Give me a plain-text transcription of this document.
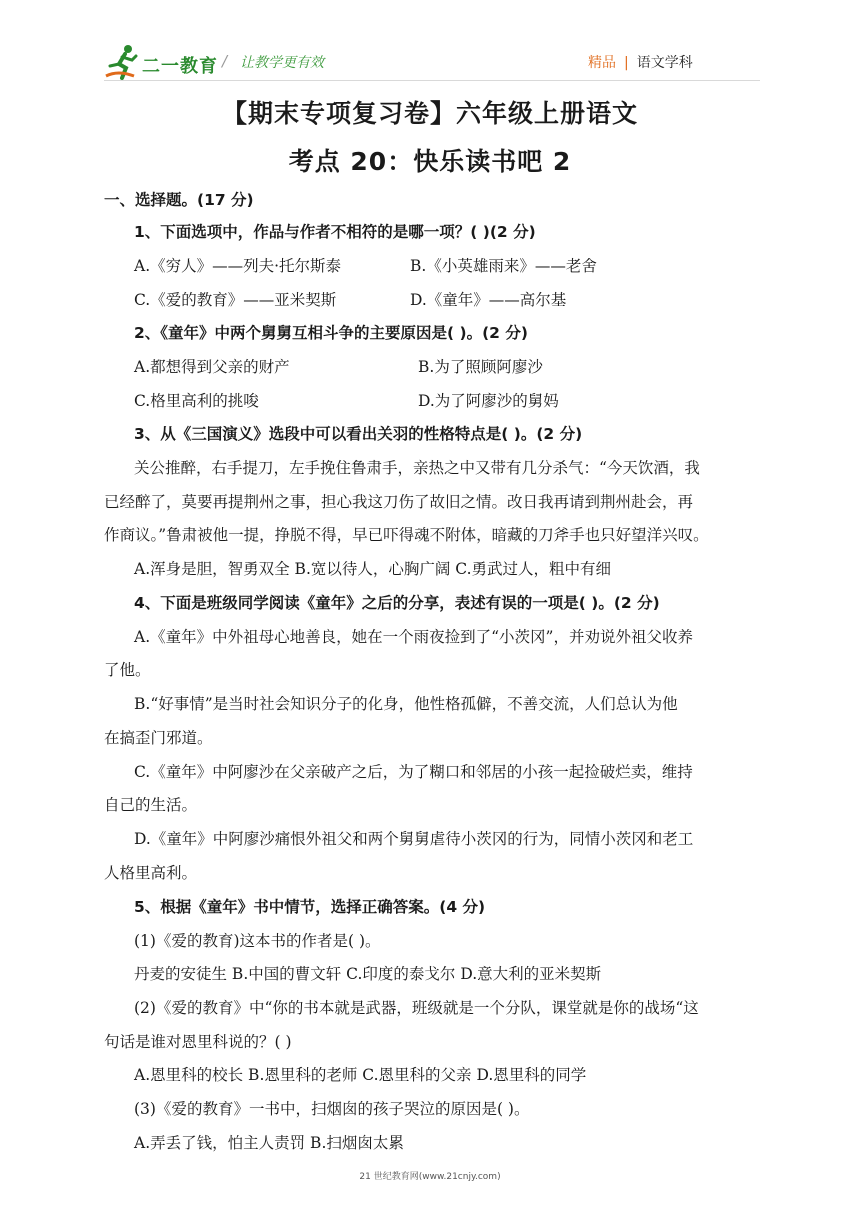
二一教育 / 让教学更有效	精品 | 语文学科
【期末专项复习卷】六年级上册语文
考点 20：快乐读书吧 2
一、选择题。(17 分)
1、下面选项中，作品与作者不相符的是哪一项？( )(2 分)
A.《穷人》——列夫·托尔斯泰	B.《小英雄雨来》——老舍
C.《爱的教育》——亚米契斯	D.《童年》——高尔基
2、《童年》中两个舅舅互相斗争的主要原因是( )。(2 分)
A.都想得到父亲的财产	B.为了照顾阿廖沙
C.格里高利的挑唆	D.为了阿廖沙的舅妈
3、从《三国演义》选段中可以看出关羽的性格特点是( )。(2 分)
关公推醉，右手提刀，左手挽住鲁肃手，亲热之中又带有几分杀气：“今天饮酒，我
已经醉了，莫要再提荆州之事，担心我这刀伤了故旧之情。改日我再请到荆州赴会，再
作商议。”鲁肃被他一提，挣脱不得，早已吓得魂不附体，暗藏的刀斧手也只好望洋兴叹。
A.浑身是胆，智勇双全 B.宽以待人，心胸广阔 C.勇武过人，粗中有细
4、下面是班级同学阅读《童年》之后的分享，表述有误的一项是( )。(2 分)
A.《童年》中外祖母心地善良，她在一个雨夜捡到了“小茨冈”，并劝说外祖父收养
了他。
B.“好事情”是当时社会知识分子的化身，他性格孤僻，不善交流，人们总认为他
在搞歪门邪道。
C.《童年》中阿廖沙在父亲破产之后，为了糊口和邻居的小孩一起捡破烂卖，维持
自己的生活。
D.《童年》中阿廖沙痛恨外祖父和两个舅舅虐待小茨冈的行为，同情小茨冈和老工
人格里高利。
5、根据《童年》书中情节，选择正确答案。(4 分)
(1)《爱的教育)这本书的作者是( )。
丹麦的安徒生 B.中国的曹文轩 C.印度的泰戈尔 D.意大利的亚米契斯
(2)《爱的教育》中“你的书本就是武器，班级就是一个分队，课堂就是你的战场“这
句话是谁对恩里科说的？( )
A.恩里科的校长 B.恩里科的老师 C.恩里科的父亲 D.恩里科的同学
(3)《爱的教育》一书中，扫烟囱的孩子哭泣的原因是( )。
A.弄丢了钱，怕主人责罚 B.扫烟囱太累
21 世纪教育网(www.21cnjy.com)
